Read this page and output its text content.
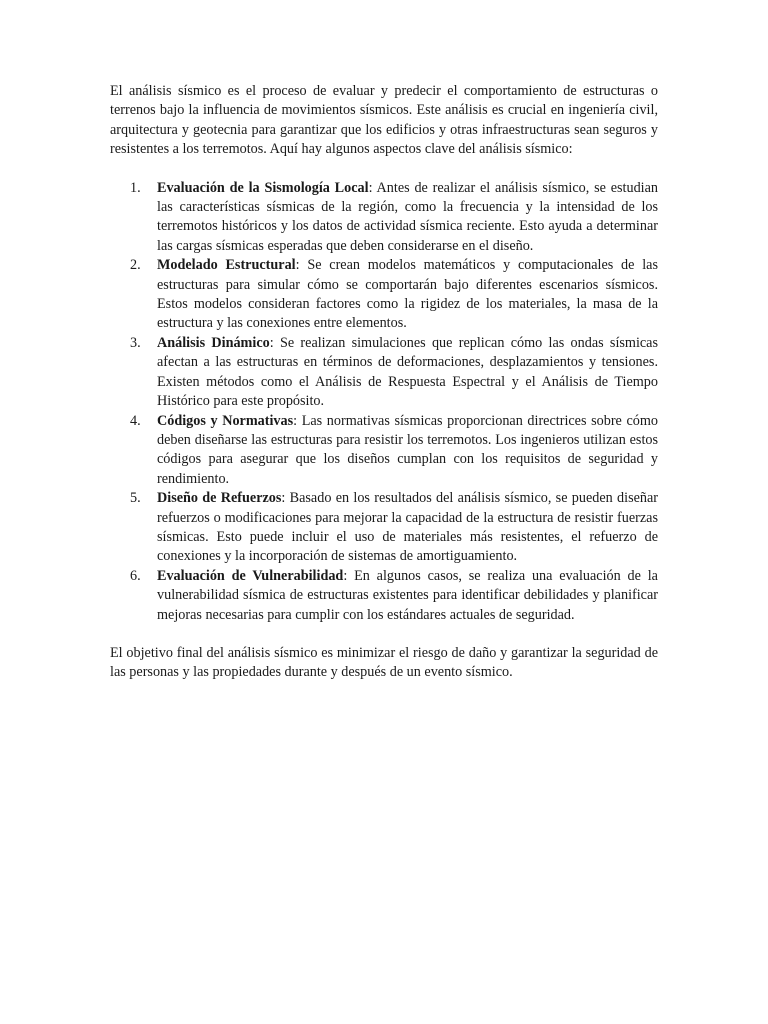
El análisis sísmico es el proceso de evaluar y predecir el comportamiento de estructuras o terrenos bajo la influencia de movimientos sísmicos. Este análisis es crucial en ingeniería civil, arquitectura y geotecnia para garantizar que los edificios y otras infraestructuras sean seguros y resistentes a los terremotos. Aquí hay algunos aspectos clave del análisis sísmico:

1. Evaluación de la Sismología Local: Antes de realizar el análisis sísmico, se estudian las características sísmicas de la región, como la frecuencia y la intensidad de los terremotos históricos y los datos de actividad sísmica reciente. Esto ayuda a determinar las cargas sísmicas esperadas que deben considerarse en el diseño.
2. Modelado Estructural: Se crean modelos matemáticos y computacionales de las estructuras para simular cómo se comportarán bajo diferentes escenarios sísmicos. Estos modelos consideran factores como la rigidez de los materiales, la masa de la estructura y las conexiones entre elementos.
3. Análisis Dinámico: Se realizan simulaciones que replican cómo las ondas sísmicas afectan a las estructuras en términos de deformaciones, desplazamientos y tensiones. Existen métodos como el Análisis de Respuesta Espectral y el Análisis de Tiempo Histórico para este propósito.
4. Códigos y Normativas: Las normativas sísmicas proporcionan directrices sobre cómo deben diseñarse las estructuras para resistir los terremotos. Los ingenieros utilizan estos códigos para asegurar que los diseños cumplan con los requisitos de seguridad y rendimiento.
5. Diseño de Refuerzos: Basado en los resultados del análisis sísmico, se pueden diseñar refuerzos o modificaciones para mejorar la capacidad de la estructura de resistir fuerzas sísmicas. Esto puede incluir el uso de materiales más resistentes, el refuerzo de conexiones y la incorporación de sistemas de amortiguamiento.
6. Evaluación de Vulnerabilidad: En algunos casos, se realiza una evaluación de la vulnerabilidad sísmica de estructuras existentes para identificar debilidades y planificar mejoras necesarias para cumplir con los estándares actuales de seguridad.

El objetivo final del análisis sísmico es minimizar el riesgo de daño y garantizar la seguridad de las personas y las propiedades durante y después de un evento sísmico.
